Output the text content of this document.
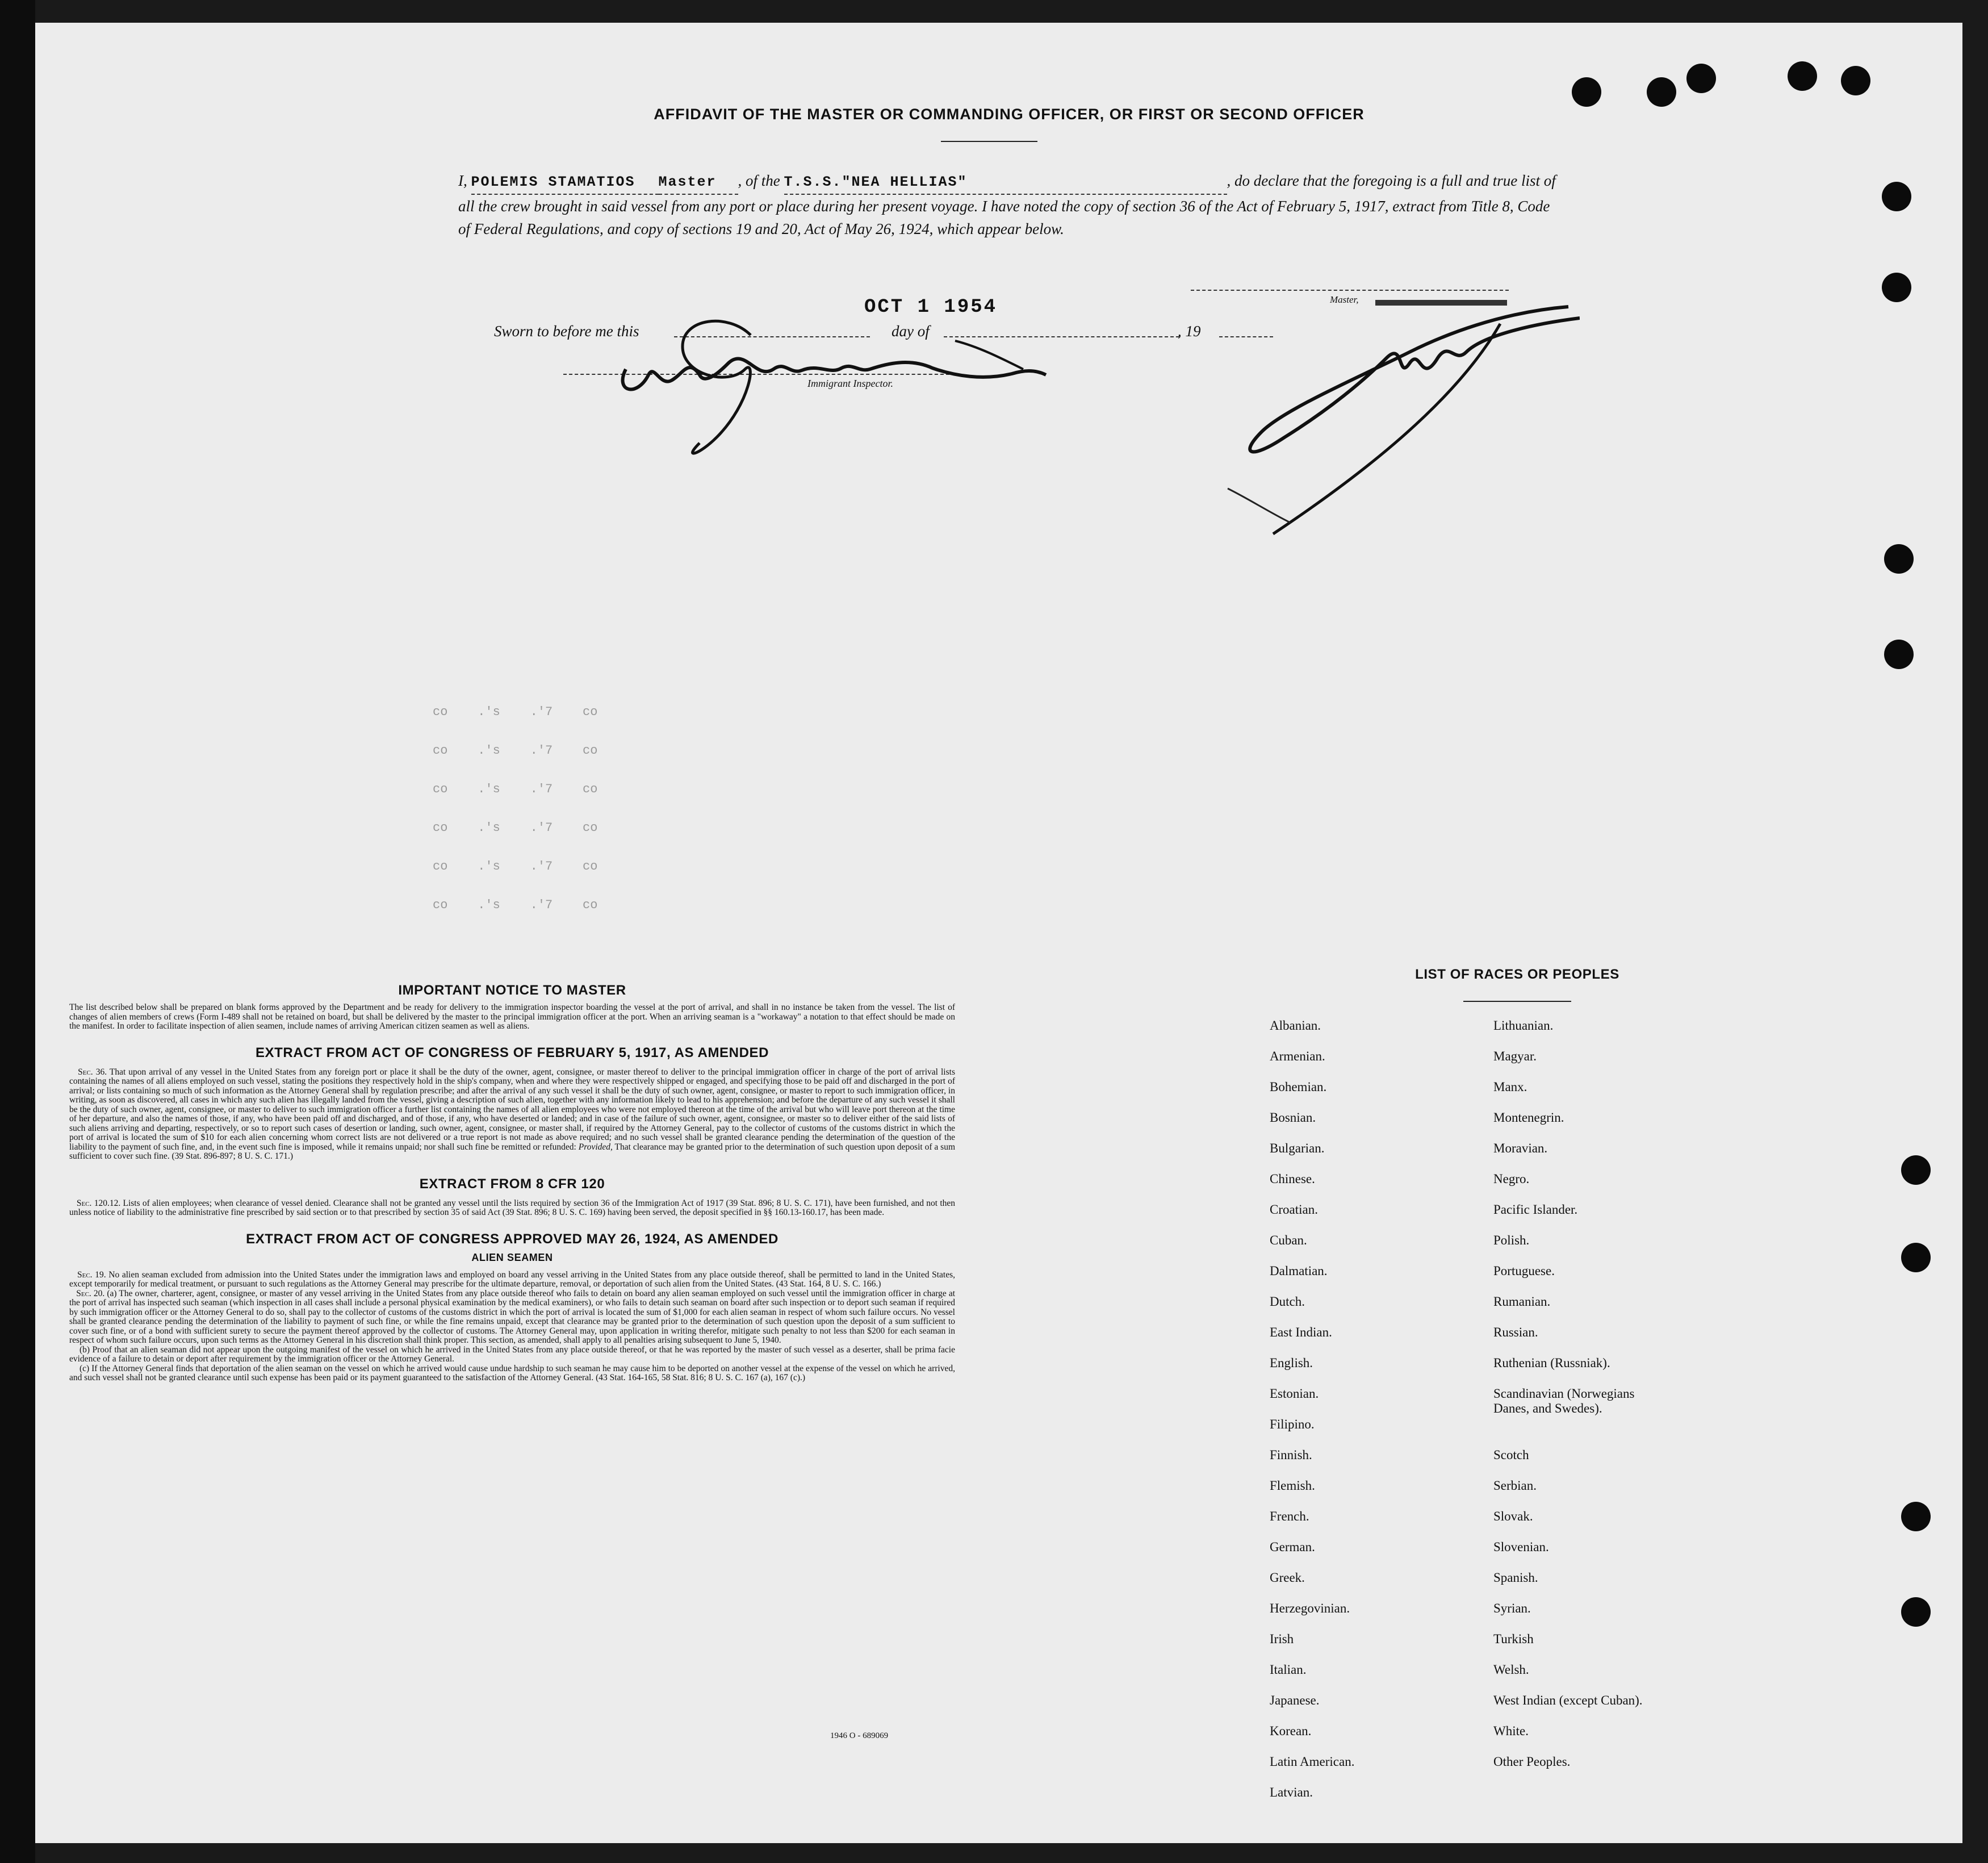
AFFIDAVIT OF THE MASTER OR COMMANDING OFFICER, OR FIRST OR SECOND OFFICER
I, POLEMIS STAMATIOS Master , of the T.S.S."NEA HELLIAS"	, do declare that the foregoing is a full and true list of all the crew brought in said vessel from any port or place during her present voyage. I have noted the copy of section 36 of the Act of February 5, 1917, extract from Title 8, Code of Federal Regulations, and copy of sections 19 and 20, Act of May 26, 1924, which appear below.
OCT 1 1954
Sworn to before me this	day of	, 19
Master,
Immigrant Inspector.
co    .'s    .'7    co
co    .'s    .'7    co
co    .'s    .'7    co
co    .'s    .'7    co
co    .'s    .'7    co
co    .'s    .'7    co
IMPORTANT NOTICE TO MASTER

The list described below shall be prepared on blank forms approved by the Department and be ready for delivery to the immigration inspector boarding the vessel at the port of arrival, and shall in no instance be taken from the vessel. The list of changes of alien members of crews (Form I-489 shall not be retained on board, but shall be delivered by the master to the principal immigration officer at the port. When an arriving seaman is a "workaway" a notation to that effect should be made on the manifest. In order to facilitate inspection of alien seamen, include names of arriving American citizen seamen as well as aliens.

EXTRACT FROM ACT OF CONGRESS OF FEBRUARY 5, 1917, AS AMENDED

Sec. 36. That upon arrival of any vessel in the United States from any foreign port or place it shall be the duty of the owner, agent, consignee, or master thereof to deliver to the principal immigration officer in charge of the port of arrival lists containing the names of all aliens employed on such vessel, stating the positions they respectively hold in the ship's company, when and where they were respectively shipped or engaged, and specifying those to be paid off and discharged in the port of arrival; or lists containing so much of such information as the Attorney General shall by regulation prescribe; and after the arrival of any such vessel it shall be the duty of such owner, agent, consignee, or master to report to such immigration officer, in writing, as soon as discovered, all cases in which any such alien has illegally landed from the vessel, giving a description of such alien, together with any information likely to lead to his apprehension; and before the departure of any such vessel it shall be the duty of such owner, agent, consignee, or master to deliver to such immigration officer a further list containing the names of all alien employees who were not employed thereon at the time of the arrival but who will leave port thereon at the time of her departure, and also the names of those, if any, who have been paid off and discharged, and of those, if any, who have deserted or landed; and in case of the failure of such owner, agent, consignee, or master so to deliver either of the said lists of such aliens arriving and departing, respectively, or so to report such cases of desertion or landing, such owner, agent, consignee, or master shall, if required by the Attorney General, pay to the collector of customs of the customs district in which the port of arrival is located the sum of $10 for each alien concerning whom correct lists are not delivered or a true report is not made as above required; and no such vessel shall be granted clearance pending the determination of the question of the liability to the payment of such fine, and, in the event such fine is imposed, while it remains unpaid; nor shall such fine be remitted or refunded: Provided, That clearance may be granted prior to the determination of such question upon deposit of a sum sufficient to cover such fine. (39 Stat. 896-897; 8 U. S. C. 171.)

EXTRACT FROM 8 CFR 120

Sec. 120.12. Lists of alien employees; when clearance of vessel denied. Clearance shall not be granted any vessel until the lists required by section 36 of the Immigration Act of 1917 (39 Stat. 896; 8 U. S. C. 171), have been furnished, and not then unless notice of liability to the administrative fine prescribed by said section or to that prescribed by section 35 of said Act (39 Stat. 896; 8 U. S. C. 169) having been served, the deposit specified in §§ 160.13-160.17, has been made.

EXTRACT FROM ACT OF CONGRESS APPROVED MAY 26, 1924, AS AMENDED
ALIEN SEAMEN

Sec. 19. No alien seaman excluded from admission into the United States under the immigration laws and employed on board any vessel arriving in the United States from any place outside thereof, shall be permitted to land in the United States, except temporarily for medical treatment, or pursuant to such regulations as the Attorney General may prescribe for the ultimate departure, removal, or deportation of such alien from the United States. (43 Stat. 164, 8 U. S. C. 166.)

Sec. 20. (a) The owner, charterer, agent, consignee, or master of any vessel arriving in the United States from any place outside thereof who fails to detain on board any alien seaman employed on such vessel until the immigration officer in charge at the port of arrival has inspected such seaman (which inspection in all cases shall include a personal physical examination by the medical examiners), or who fails to detain such seaman on board after such inspection or to deport such seaman if required by such immigration officer or the Attorney General to do so, shall pay to the collector of customs of the customs district in which the port of arrival is located the sum of $1,000 for each alien seaman in respect of whom such failure occurs. No vessel shall be granted clearance pending the determination of the liability to payment of such fine, or while the fine remains unpaid, except that clearance may be granted prior to the determination of such question upon the deposit of a sum sufficient to cover such fine, or of a bond with sufficient surety to secure the payment thereof approved by the collector of customs. The Attorney General may, upon application in writing therefor, mitigate such penalty to not less than $200 for each seaman in respect of whom such failure occurs, upon such terms as the Attorney General in his discretion shall think proper. This section, as amended, shall apply to all penalties arising subsequent to June 5, 1940.

(b) Proof that an alien seaman did not appear upon the outgoing manifest of the vessel on which he arrived in the United States from any place outside thereof, or that he was reported by the master of such vessel as a deserter, shall be prima facie evidence of a failure to detain or deport after requirement by the immigration officer or the Attorney General.

(c) If the Attorney General finds that deportation of the alien seaman on the vessel on which he arrived would cause undue hardship to such seaman he may cause him to be deported on another vessel at the expense of the vessel on which he arrived, and such vessel shall not be granted clearance until such expense has been paid or its payment guaranteed to the satisfaction of the Attorney General. (43 Stat. 164-165, 58 Stat. 816; 8 U. S. C. 167 (a), 167 (c).)

1946 O - 689069
LIST OF RACES OR PEOPLES
Albanian.
Armenian.
Bohemian.
Bosnian.
Bulgarian.
Chinese.
Croatian.
Cuban.
Dalmatian.
Dutch.
East Indian.
English.
Estonian.
Filipino.
Finnish.
Flemish.
French.
German.
Greek.
Herzegovinian.
Irish
Italian.
Japanese.
Korean.
Latin American.
Latvian.
Lithuanian.
Magyar.
Manx.
Montenegrin.
Moravian.
Negro.
Pacific Islander.
Polish.
Portuguese.
Rumanian.
Russian.
Ruthenian (Russniak).
Scandinavian (Norwegians
Danes, and Swedes).
Scotch
Serbian.
Slovak.
Slovenian.
Spanish.
Syrian.
Turkish
Welsh.
West Indian (except Cuban).
White.
Other Peoples.
